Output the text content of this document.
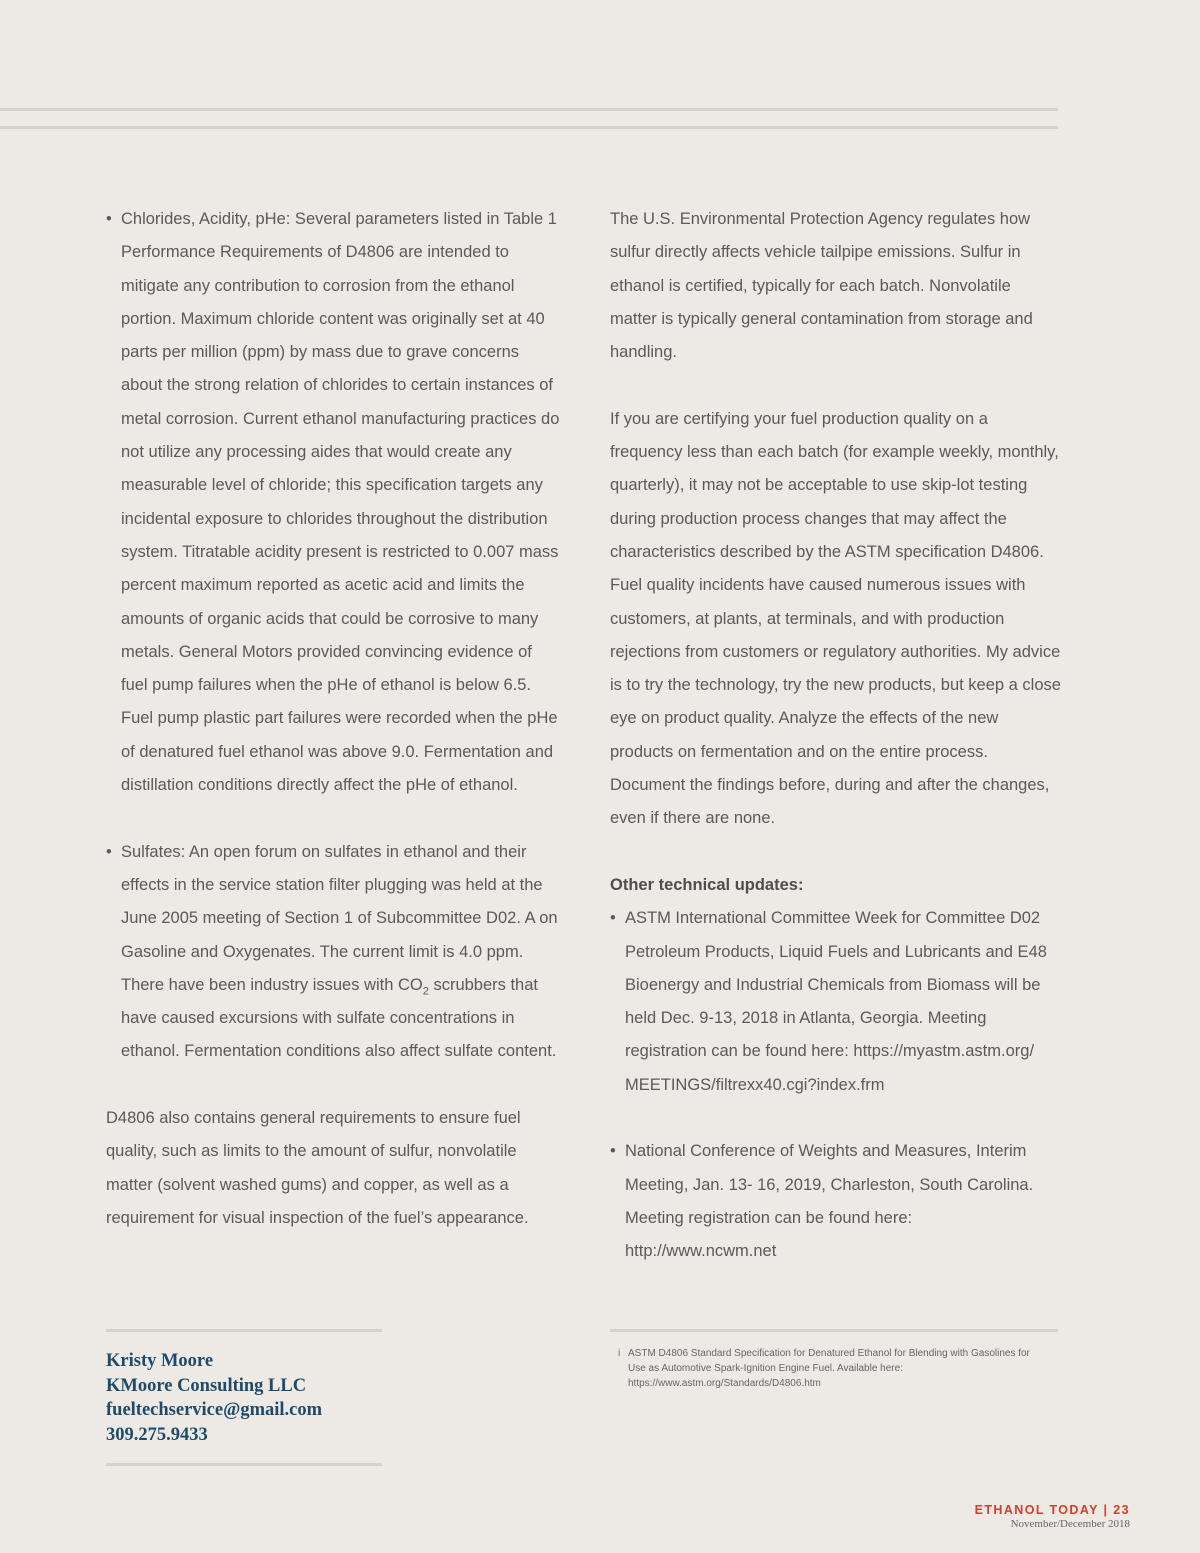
• Chlorides, Acidity, pHe: Several parameters listed in Table 1 Performance Requirements of D4806 are intended to mitigate any contribution to corrosion from the ethanol portion. Maximum chloride content was originally set at 40 parts per million (ppm) by mass due to grave concerns about the strong relation of chlorides to certain instances of metal corrosion. Current ethanol manufacturing practices do not utilize any processing aides that would create any measurable level of chloride; this specification targets any incidental exposure to chlorides throughout the distribution system. Titratable acidity present is restricted to 0.007 mass percent maximum reported as acetic acid and limits the amounts of organic acids that could be corrosive to many metals. General Motors provided convincing evidence of fuel pump failures when the pHe of ethanol is below 6.5. Fuel pump plastic part failures were recorded when the pHe of denatured fuel ethanol was above 9.0. Fermentation and distillation conditions directly affect the pHe of ethanol.
• Sulfates: An open forum on sulfates in ethanol and their effects in the service station filter plugging was held at the June 2005 meeting of Section 1 of Subcommittee D02. A on Gasoline and Oxygenates. The current limit is 4.0 ppm. There have been industry issues with $CO_2$ scrubbers that have caused excursions with sulfate concentrations in ethanol. Fermentation conditions also affect sulfate content.

D4806 also contains general requirements to ensure fuel quality, such as limits to the amount of sulfur, nonvolatile matter (solvent washed gums) and copper, as well as a requirement for visual inspection of the fuel’s appearance.

The U.S. Environmental Protection Agency regulates how sulfur directly affects vehicle tailpipe emissions. Sulfur in ethanol is certified, typically for each batch. Nonvolatile matter is typically general contamination from storage and handling.

If you are certifying your fuel production quality on a frequency less than each batch (for example weekly, monthly, quarterly), it may not be acceptable to use skip-lot testing during production process changes that may affect the characteristics described by the ASTM specification D4806. Fuel quality incidents have caused numerous issues with customers, at plants, at terminals, and with production rejections from customers or regulatory authorities. My advice is to try the technology, try the new products, but keep a close eye on product quality. Analyze the effects of the new products on fermentation and on the entire process. Document the findings before, during and after the changes, even if there are none.

Other technical updates:

• ASTM International Committee Week for Committee D02 Petroleum Products, Liquid Fuels and Lubricants and E48 Bioenergy and Industrial Chemicals from Biomass will be held Dec. 9-13, 2018 in Atlanta, Georgia. Meeting registration can be found here: https://myastm.astm.org/ MEETINGS/filtrexx40.cgi?index.frm
• National Conference of Weights and Measures, Interim Meeting, Jan. 13- 16, 2019, Charleston, South Carolina. Meeting registration can be found here: http://www.ncwm.net
Kristy Moore
KMoore Consulting LLC
fueltechservice@gmail.com
309.275.9433
i ASTM D4806 Standard Specification for Denatured Ethanol for Blending with Gasolines for Use as Automotive Spark-Ignition Engine Fuel. Available here: https://www.astm.org/Standards/D4806.htm
ETHANOL TODAY | 23
November/December 2018
